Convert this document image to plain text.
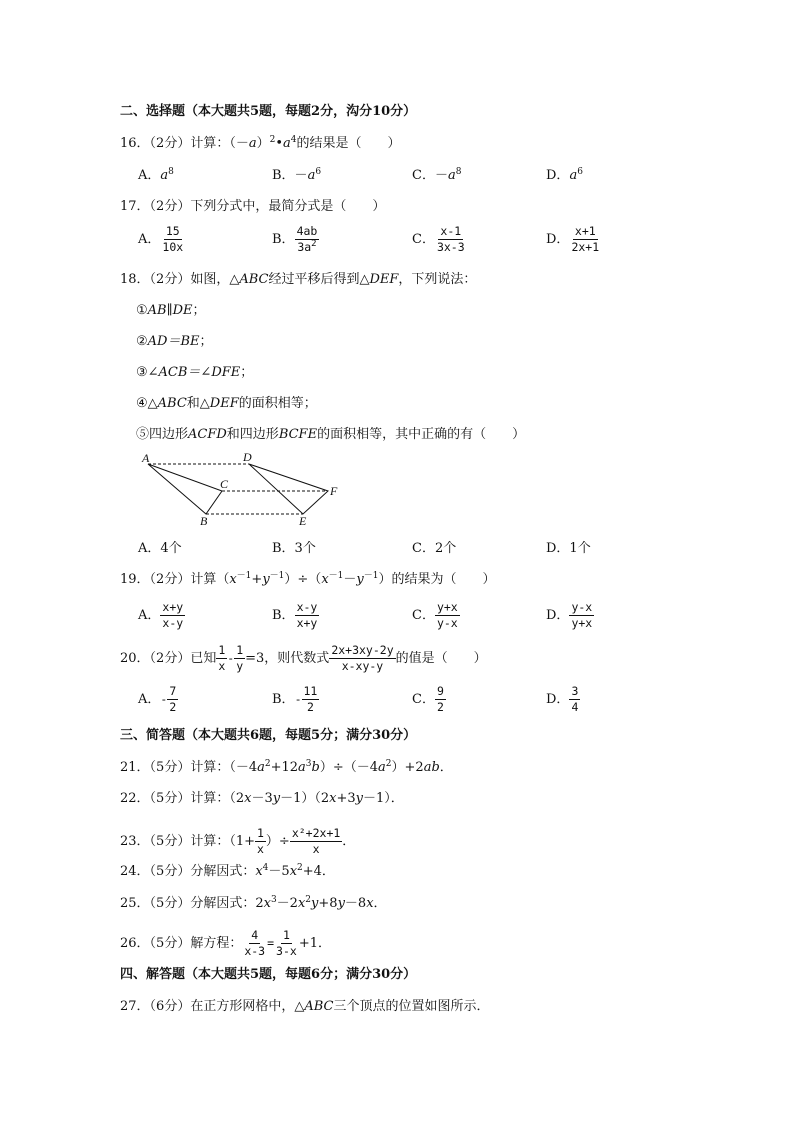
二、选择题（本大题共5题，每题2分，沟分10分）
16．（2分）计算：$(-a)^2•a^4$的结果是（　　）
A．$a^8$	B．$-a^6$	C．$-a^8$	D．$a^6$
17．（2分）下列分式中，最简分式是（　　）
A． $\frac{15}{10x}$	B． $\frac{4ab}{3a^2}$	C． $\frac{x-1}{3x-3}$	D． $\frac{x+1}{2x+1}$
18．（2分）如图，△ABC经过平移后得到△DEF，下列说法：
①AB∥DE；
②AD＝BE；
③∠ACB＝∠DFE；
④△ABC和△DEF的面积相等；
⑤四边形ACFD和四边形BCFE的面积相等，其中正确的有（　　）
A	D
C	F
B	E
A．4个	B．3个	C．2个	D．1个
19．（2分）计算$(x^{-1}+y^{-1})\div(x^{-1}-y^{-1})$的结果为（　　）
A． $\frac{x+y}{x-y}$	B． $\frac{x-y}{x+y}$	C． $\frac{y+x}{y-x}$	D． $\frac{y-x}{y+x}$
20．（2分）已知 $\frac{1}{x} - \frac{1}{y} =3$，则代数式 $\frac{2x+3xy-2y}{x-xy-y}$ 的值是（　　）
A．- $\frac{7}{2}$	B．- $\frac{11}{2}$	C． $\frac{9}{2}$	D． $\frac{3}{4}$
三、简答题（本大题共6题，每题5分；满分30分）
21．（5分）计算：$(-4a^2+12a^3b)\div(-4a^2)+2ab$．
22．（5分）计算：（2x－3y－1）（2x+3y－1）．
23．（5分）计算：（$1+ \frac{1}{x}$ ）÷ $\frac{\text{x²+2x+1}}{x}$ ．
24．（5分）分解因式：$x^4-5x^2+4$．
25．（5分）分解因式：$2x^3-2x^2y+8y-8x$．
26．（5分）解方程： $\frac{4}{x-3} = \frac{1}{3-x} +1$．
四、解答题（本大题共5题，每题6分；满分30分）
27．（6分）在正方形网格中，△ABC三个顶点的位置如图所示．
